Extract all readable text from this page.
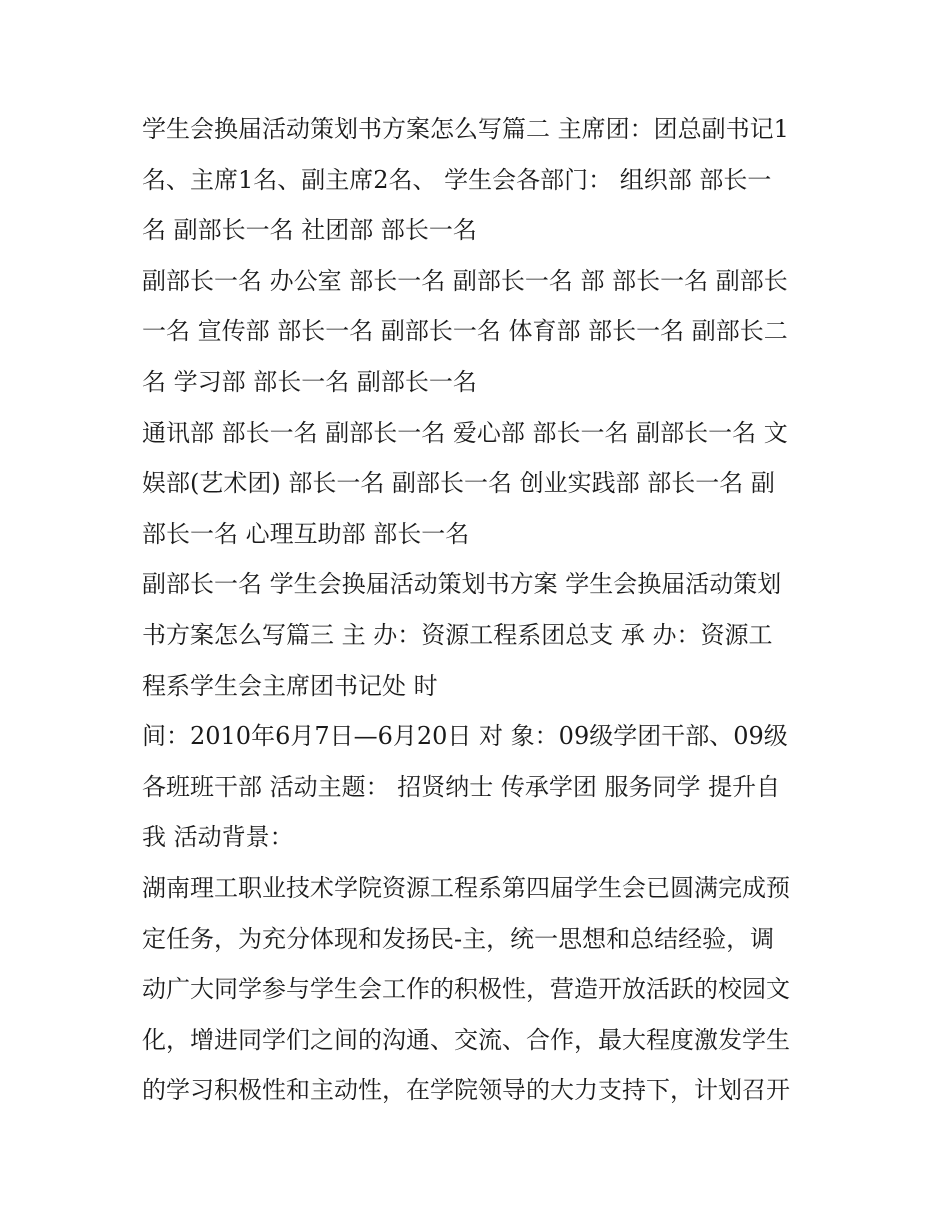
学生会换届活动策划书方案怎么写篇二 主席团：团总副书记1
名、主席1名、副主席2名、 学生会各部门： 组织部 部长一
名 副部长一名 社团部 部长一名
副部长一名 办公室 部长一名 副部长一名 部 部长一名 副部长
一名 宣传部 部长一名 副部长一名 体育部 部长一名 副部长二
名 学习部 部长一名 副部长一名
通讯部 部长一名 副部长一名 爱心部 部长一名 副部长一名 文
娱部(艺术团) 部长一名 副部长一名 创业实践部 部长一名 副
部长一名 心理互助部 部长一名
副部长一名 学生会换届活动策划书方案 学生会换届活动策划
书方案怎么写篇三 主 办：资源工程系团总支 承 办：资源工
程系学生会主席团书记处 时
间：2010年6月7日—6月20日 对 象：09级学团干部、09级
各班班干部 活动主题： 招贤纳士 传承学团 服务同学 提升自
我 活动背景：
湖南理工职业技术学院资源工程系第四届学生会已圆满完成预
定任务，为充分体现和发扬民-主，统一思想和总结经验，调
动广大同学参与学生会工作的积极性，营造开放活跃的校园文
化，增进同学们之间的沟通、交流、合作，最大程度激发学生
的学习积极性和主动性，在学院领导的大力支持下，计划召开
